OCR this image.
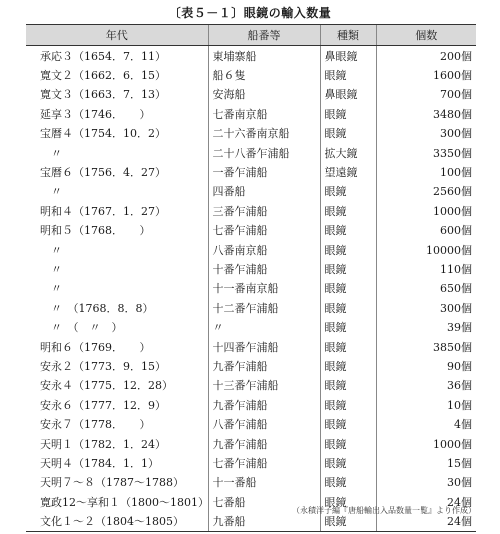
〔表５－１〕眼鏡の輸入数量
年代	船番等	種類	個数
承応３（1654．7．11）	東埔寨船	鼻眼鏡	200個
寛文２（1662．6．15）	船６隻	眼鏡	1600個
寛文３（1663．7．13）	安海船	鼻眼鏡	700個
延享３（1746．　　）	七番南京船	眼鏡	3480個
宝暦４（1754．10．2）	二十六番南京船	眼鏡	300個
　〃	二十八番乍浦船	拡大鏡	3350個
宝暦６（1756．4．27）	一番乍浦船	望遠鏡	100個
　〃	四番船	眼鏡	2560個
明和４（1767．1．27）	三番乍浦船	眼鏡	1000個
明和５（1768．　　）	七番乍浦船	眼鏡	600個
　〃	八番南京船	眼鏡	10000個
　〃	十番乍浦船	眼鏡	110個
　〃	十一番南京船	眼鏡	650個
　〃　（1768．8．8）	十二番乍浦船	眼鏡	300個
　〃　（　〃　）	〃	眼鏡	39個
明和６（1769．　　）	十四番乍浦船	眼鏡	3850個
安永２（1773．9．15）	九番乍浦船	眼鏡	90個
安永４（1775．12．28）	十三番乍浦船	眼鏡	36個
安永６（1777．12．9）	九番乍浦船	眼鏡	10個
安永７（1778．　　）	八番乍浦船	眼鏡	4個
天明１（1782．1．24）	九番乍浦船	眼鏡	1000個
天明４（1784．1．1）	七番乍浦船	眼鏡	15個
天明７～８（1787～1788）	十一番船	眼鏡	30個
寛政12～享和１（1800～1801）	七番船	眼鏡	24個
文化１～２（1804～1805）	九番船	眼鏡	24個
（永積洋子編『唐船輸出入品数量一覧』より作成）
